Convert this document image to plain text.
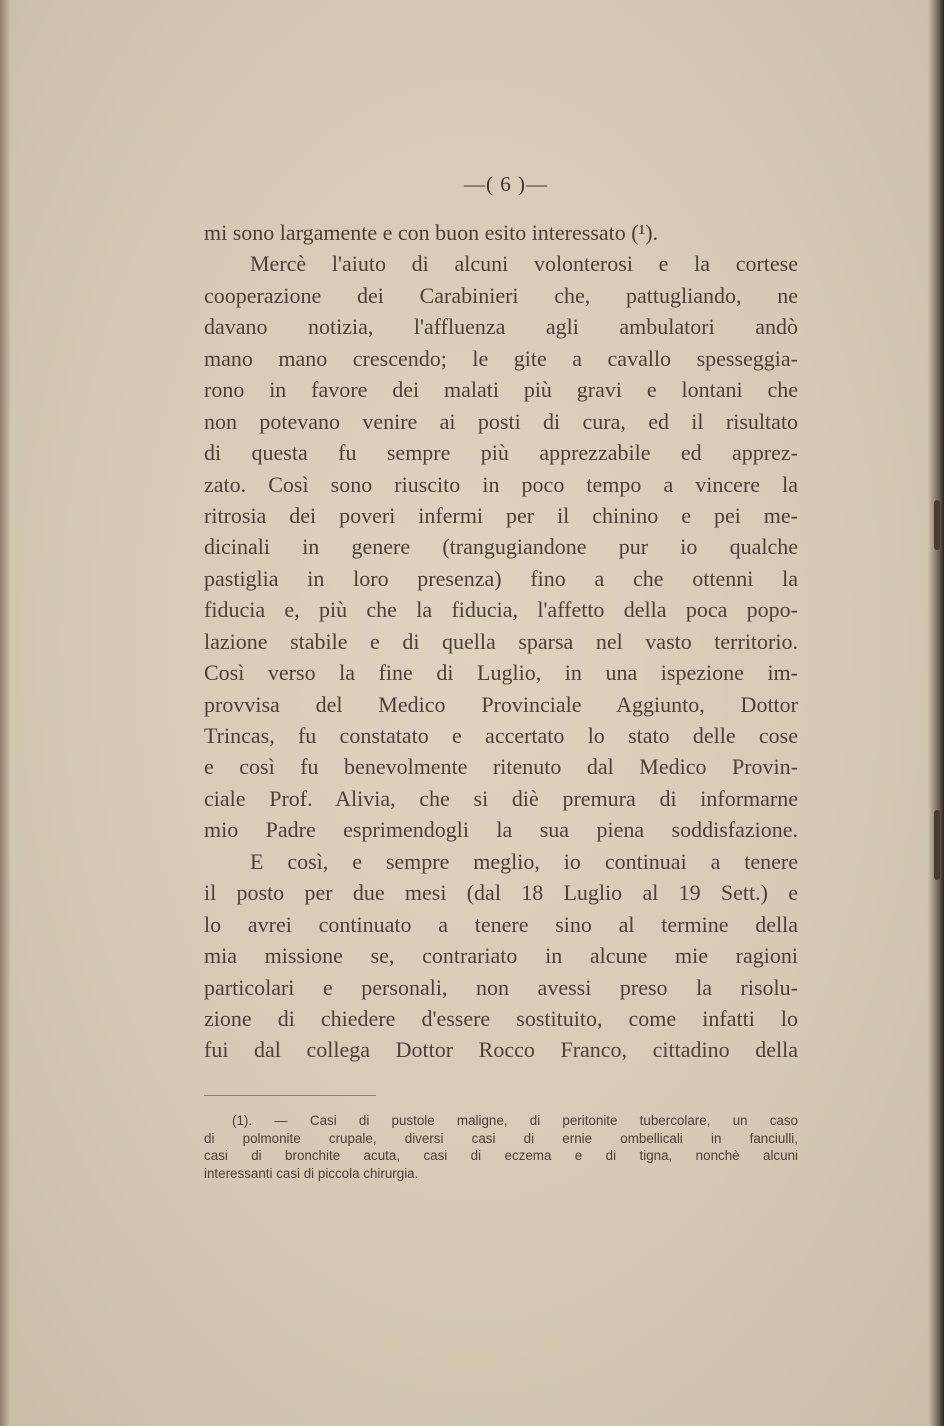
—( 6 )—
mi sono largamente e con buon esito interessato (¹).
Mercè l'aiuto di alcuni volonterosi e la cortese
cooperazione dei Carabinieri che, pattugliando, ne
davano notizia, l'affluenza agli ambulatori andò
mano mano crescendo; le gite a cavallo spesseggia-
rono in favore dei malati più gravi e lontani che
non potevano venire ai posti di cura, ed il risultato
di questa fu sempre più apprezzabile ed apprez-
zato. Così sono riuscito in poco tempo a vincere la
ritrosia dei poveri infermi per il chinino e pei me-
dicinali in genere (trangugiandone pur io qualche
pastiglia in loro presenza) fino a che ottenni la
fiducia e, più che la fiducia, l'affetto della poca popo-
lazione stabile e di quella sparsa nel vasto territorio.
Così verso la fine di Luglio, in una ispezione im-
provvisa del Medico Provinciale Aggiunto, Dottor
Trincas, fu constatato e accertato lo stato delle cose
e così fu benevolmente ritenuto dal Medico Provin-
ciale Prof. Alivia, che si diè premura di informarne
mio Padre esprimendogli la sua piena soddisfazione.
E così, e sempre meglio, io continuai a tenere
il posto per due mesi (dal 18 Luglio al 19 Sett.) e
lo avrei continuato a tenere sino al termine della
mia missione se, contrariato in alcune mie ragioni
particolari e personali, non avessi preso la risolu-
zione di chiedere d'essere sostituito, come infatti lo
fui dal collega Dottor Rocco Franco, cittadino della
(1). — Casi di pustole maligne, di peritonite tubercolare, un caso
di polmonite crupale, diversi casi di ernie ombellicali in fanciulli,
casi di bronchite acuta, casi di eczema e di tigna, nonchè alcuni
interessanti casi di piccola chirurgia.
